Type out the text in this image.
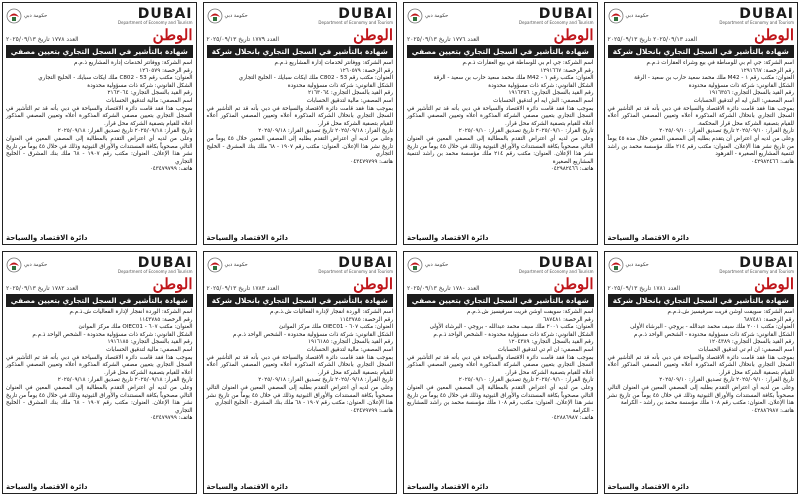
حكومة دبي	DUBAI
Department of Economy and Tourism
العدد ١٧٧٨ تاريخ ٢٠٢٥/٠٩/١٣	الوطن
شهادة بالتأشير في السجل التجاري بتعيين مصفي

اسم الشركة: ووفانتر لخدمات إدارة المشاريع ذ.م.م

رقم الرخصة: ١٢٦٠٥٧٩

العنوان: مكتب رقم C802 - 53 ملك ايكات سبايك - الخليج التجاري

الشكل القانوني: شركة ذات مسؤولية محدودة

رقم القيد بالسجل التجاري: ٢١٦٣٠٦٤

اسم المصفي: مالية لتدقيق الحسابات

بموجب هذا فقد قامت دائرة الاقتصاد والسياحة في دبي بأنه قد تم التأشير في السجل التجاري بتعيين مصفي الشركة المذكورة أعلاه وتعيين المصفي المذكور أعلاه للقيام بتصفية الشركة محل قرار.

تاريخ القرار: ٢٠٢٥/٠٩/١٨ تاريخ تصديق القرار: ٢٠٢٥/٠٩/١٨

وعلى من لديه أي اعتراض التقدم بالمطالبة إلى المصفي المعين في العنوان التالي مصحوباً بكافة المستندات والأوراق الثبوتية وذلك في خلال ٤٥ يوماً من تاريخ نشر هذا الإعلان. العنوان: مكتب رقم ١٩٠٧ - ٦٨ ملك بنك المشرق - الخليج التجاري

هاتف: ٠٤٣٤٧٩٧٩٩

دائرة الاقتصاد والسياحة
حكومة دبي	DUBAI
Department of Economy and Tourism
العدد ١٧٧٩ تاريخ ٢٠٢٥/٠٩/١٣	الوطن
شهادة بالتأشير في السجل التجاري بانحلال شركة

اسم الشركة: ووفانتر لخدمات إدارة المشاريع ذ.م.م

رقم الرخصة: ١٢٦٠٥٧٩

العنوان: مكتب رقم C802 - 53 ملك ايكات سبايك - الخليج التجاري

الشكل القانوني: شركة ذات مسؤولية محدودة

رقم القيد بالسجل التجاري: ٢١٦٣٠٦٤

اسم المصفي: مالية لتدقيق الحسابات

بموجب هذا فقد قامت دائرة الاقتصاد والسياحة في دبي بأنه قد تم التأشير في السجل التجاري بانحلال الشركة المذكورة أعلاه وتعيين المصفي المذكور أعلاه للقيام بتصفية الشركة محل قرار.

تاريخ القرار: ٢٠٢٥/٠٩/١٨ تاريخ تصديق القرار: ٢٠٢٥/٠٩/١٨

وعلى من لديه أي اعتراض التقدم بطلبه إلى المصفي المعين خلال ٤٥ يوماً من تاريخ نشر هذا الإعلان. العنوان: مكتب رقم ١٩٠٧ - ٦٨ ملك بنك المشرق - الخليج التجاري

هاتف: ٠٤٣٤٧٩٧٩٩

دائرة الاقتصاد والسياحة
حكومة دبي	DUBAI
Department of Economy and Tourism
العدد ١٧٧٦ تاريخ ٢٠٢٥/٠٩/١٣	الوطن
شهادة بالتأشير في السجل التجاري بتعيين مصفي

اسم الشركة: جي ام بي للوساطة في بيع العقارات ذ.م.م

رقم الرخصة: ١٢٩١٦٦٧

العنوان: مكتب رقم ١ - M42 ملك محمد سعيد حارب بن سعيد - الرقة

الشكل القانوني: شركة ذات مسؤولية محدودة

رقم القيد بالسجل التجاري: ١٩١٦٣٥٦

اسم المصفي: الش ايه ام لتدقيق الحسابات

بموجب هذا فقد قامت دائرة الاقتصاد والسياحة في دبي بأنه قد تم التأشير في السجل التجاري بتعيين مصفي الشركة المذكورة أعلاه وتعيين المصفي المذكور أعلاه للقيام بتصفية الشركة محل قرار.

تاريخ القرار: ٢٠٢٥/٠٩/١٠ تاريخ تصديق القرار: ٢٠٢٥/٠٩/١٠

وعلى من لديه أي اعتراض التقدم بالمطالبة إلى المصفي المعين في العنوان التالي مصحوباً بكافة المستندات والأوراق الثبوتية وذلك في خلال ٤٥ يوماً من تاريخ نشر هذا الإعلان. العنوان: مكتب رقم ٢١٤ ملك مؤسسة محمد بن راشد لتنمية المشاريع الصغيرة

هاتف: ٠٤٢٩٨٢٤٦٦

دائرة الاقتصاد والسياحة
حكومة دبي	DUBAI
Department of Economy and Tourism
العدد ٢٠٢٥/٠٩/١٣ تاريخ ٢٠٢٥/٠٩/١٣	الوطن
شهادة بالتأشير في السجل التجاري بانحلال شركة

اسم الشركة: جي ام بي للوساطة في بيع وشراء العقارات ذ.م.م

رقم الرخصة: ١٢٩١٦٦٧

العنوان: مكتب رقم ١ - M42 ملك محمد سعيد حارب بن سعيد - الرقة

الشكل القانوني: شركة ذات مسؤولية محدودة

رقم القيد بالسجل التجاري: ١٩١٦٣٥٦

اسم المصفي: الش ايه ام لتدقيق الحسابات

بموجب هذا فقد قامت دائرة الاقتصاد والسياحة في دبي بأنه قد تم التأشير في السجل التجاري بانحلال الشركة المذكورة أعلاه وتعيين المصفي المذكور أعلاه للقيام بتصفية الشركة محل قرار المحكمة.

تاريخ القرار: ٢٠٢٥/٠٩/١٠ تاريخ تصديق القرار: ٢٠٢٥/٠٩/١٠

وعلى من لديه أي اعتراض أن يتقدم بطلبه إلى المصفي المعين خلال مدة ٤٥ يوماً من تاريخ نشر هذا الإعلان. العنوان: مكتب رقم ٢١٤ ملك مؤسسة محمد بن راشد لتنمية المشاريع الصغيرة - القرهود

هاتف: ٠٤٢٩٨٢٤٦٦

دائرة الاقتصاد والسياحة
حكومة دبي	DUBAI
Department of Economy and Tourism
العدد ١٧٨٢ تاريخ ٢٠٢٥/٠٩/١٣	الوطن
شهادة بالتأشير في السجل التجاري بتعيين مصفي

اسم الشركة: الوردة انفجار لإدارة الفعاليات ش.ذ.م.م

رقم الرخصة: ١١٤٣٧٨٥

العنوان: مكتب ٦٠٧ - OIEC01 ملك مركز الموانئ

الشكل القانوني: شركة ذات مسؤولية محدودة - الشخص الواحد ذ.م.م

رقم القيد بالسجل التجاري: ١٩١٦١٨٥

اسم المصفي: مالية لتدقيق الحسابات

بموجب هذا فقد قامت دائرة الاقتصاد والسياحة في دبي بأنه قد تم التأشير في السجل التجاري بتعيين مصفي الشركة المذكورة أعلاه وتعيين المصفي المذكور أعلاه للقيام بتصفية الشركة محل قرار.

تاريخ القرار: ٢٠٢٥/٠٩/١٨ تاريخ تصديق القرار: ٢٠٢٥/٠٩/١٨

وعلى من لديه أي اعتراض التقدم بالمطالبة إلى المصفي المعين في العنوان التالي مصحوباً بكافة المستندات والأوراق الثبوتية وذلك في خلال ٤٥ يوماً من تاريخ نشر هذا الإعلان. العنوان: مكتب رقم ١٩٠٧ - ٦٨ ملك بنك المشرق - الخليج التجاري

هاتف: ٠٤٣٤٧٩٧٩٩

دائرة الاقتصاد والسياحة
حكومة دبي	DUBAI
Department of Economy and Tourism
العدد ١٧٨٣ تاريخ ٢٠٢٥/٠٩/١٣	الوطن
شهادة بالتأشير في السجل التجاري بانحلال شركة

اسم الشركة: الوردة انفجار لإدارة الفعاليات ش.ذ.م.م

رقم الرخصة: ١١٤٣٧٨٥

العنوان: مكتب ٦٠٧ - OIEC01 ملك مركز الموانئ

الشكل القانوني: شركة ذات مسؤولية محدودة - الشخص الواحد ذ.م.م

رقم القيد بالسجل التجاري: ١٩١٦١٨٥

اسم المصفي: مالية لتدقيق الحسابات

بموجب هذا فقد قامت دائرة الاقتصاد والسياحة في دبي بأنه قد تم التأشير في السجل التجاري بانحلال الشركة المذكورة أعلاه وتعيين المصفي المذكور أعلاه للقيام بتصفية الشركة محل قرار.

تاريخ القرار: ٢٠٢٥/٠٩/١٨ تاريخ تصديق القرار: ٢٠٢٥/٠٩/١٨

وعلى من لديه أي اعتراض التقدم بطلبه إلى المصفي المعين في العنوان التالي مصحوباً بكافة المستندات والأوراق الثبوتية وذلك في خلال ٤٥ يوماً من تاريخ نشر هذا الإعلان. العنوان: مكتب رقم ١٩٠٧ - ٦٨ ملك بنك المشرق - الخليج التجاري

هاتف: ٠٤٣٤٧٩٧٩٩

دائرة الاقتصاد والسياحة
حكومة دبي	DUBAI
Department of Economy and Tourism
العدد ١٧٨٠ تاريخ ٢٠٢٥/٠٩/١٣	الوطن
شهادة بالتأشير في السجل التجاري بتعيين مصفي

اسم الشركة: سويفت اوشن فريت سرفيسيز ش.ذ.م.م

رقم الرخصة: ٦٨٧٤٨١

العنوان: مكتب ٢٠٠١ ملك سيف محمد عبدالله - بروجي - البرشاء الأولى

الشكل القانوني: شركة ذات مسؤولية محدودة - الشخص الواحد ذ.م.م

رقم القيد بالسجل التجاري: ١٢٠٤٣٨٩

اسم المصفي: ان ام تي لتدقيق الحسابات

بموجب هذا فقد قامت دائرة الاقتصاد والسياحة في دبي بأنه قد تم التأشير في السجل التجاري بتعيين مصفي الشركة المذكورة أعلاه وتعيين المصفي المذكور أعلاه للقيام بتصفية الشركة محل قرار.

تاريخ القرار: ٢٠٢٥/٠٩/١٠ تاريخ تصديق القرار: ٢٠٢٥/٠٩/١٠

وعلى من لديه أي اعتراض التقدم بالمطالبة إلى المصفي المعين في العنوان التالي مصحوباً بكافة المستندات والأوراق الثبوتية وذلك في خلال ٤٥ يوماً من تاريخ نشر هذا الإعلان. العنوان: مكتب رقم ١٠٨ ملك مؤسسة محمد بن راشد للمشاريع - الكرامة

هاتف: ٠٤٢٨٨٦٩٨٧

دائرة الاقتصاد والسياحة
حكومة دبي	DUBAI
Department of Economy and Tourism
العدد ١٧٨١ تاريخ ٢٠٢٥/٠٩/١٣	الوطن
شهادة بالتأشير في السجل التجاري بانحلال شركة

اسم الشركة: سويفت اوشن فريت سرفيسيز ش.ذ.م.م

رقم الرخصة: ٦٨٧٤٨١

العنوان: مكتب ٢٠٠١ ملك سيف محمد عبدالله - بروجي - البرشاء الأولى

الشكل القانوني: شركة ذات مسؤولية محدودة - الشخص الواحد ذ.م.م

رقم القيد بالسجل التجاري: ١٢٠٤٣٨٩

اسم المصفي: ان ام تي لتدقيق الحسابات

بموجب هذا فقد قامت دائرة الاقتصاد والسياحة في دبي بأنه قد تم التأشير في السجل التجاري بانحلال الشركة المذكورة أعلاه وتعيين المصفي المذكور أعلاه للقيام بتصفية الشركة محل قرار.

تاريخ القرار: ٢٠٢٥/٠٩/١٠ تاريخ تصديق القرار: ٢٠٢٥/٠٩/١٠

وعلى من لديه أي اعتراض التقدم بطلبه إلى المصفي المعين في العنوان التالي مصحوباً بكافة المستندات والأوراق الثبوتية وذلك في خلال ٤٥ يوماً من تاريخ نشر هذا الإعلان. العنوان: مكتب رقم ١٠٨ ملك مؤسسة محمد بن راشد - الكرامة

هاتف: ٠٤٢٨٨٦٩٨٧

دائرة الاقتصاد والسياحة
